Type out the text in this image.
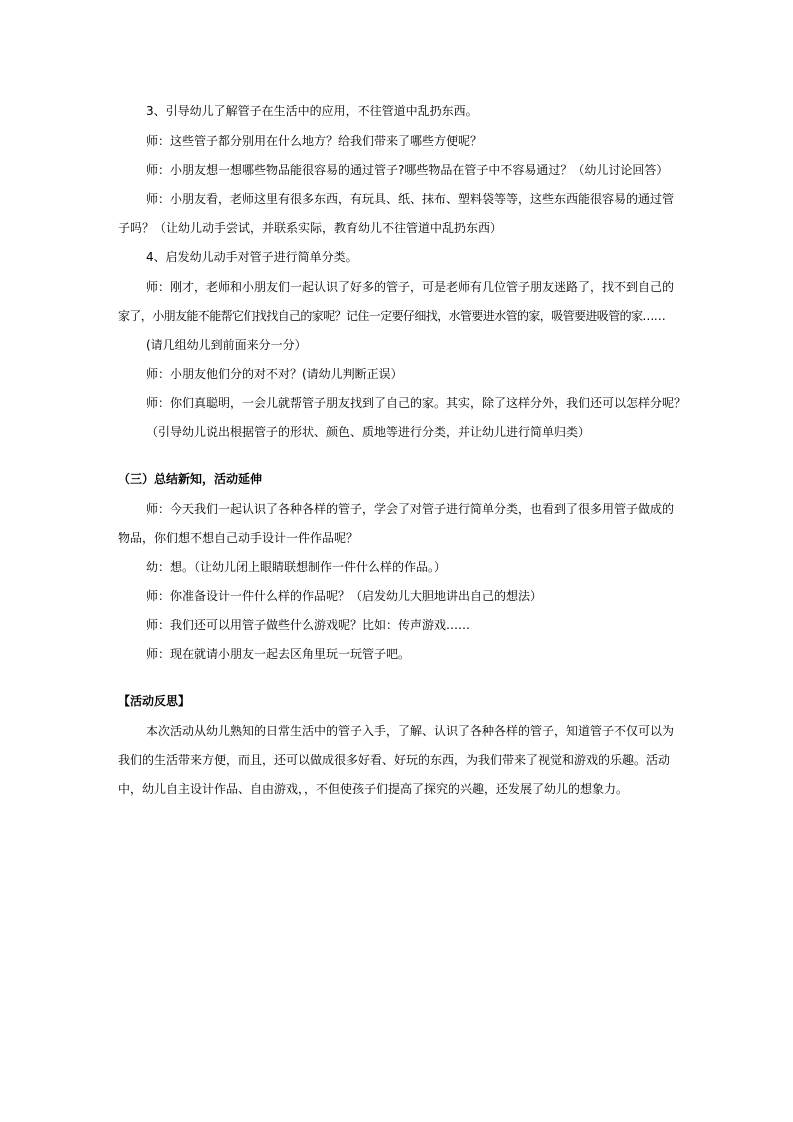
3、引导幼儿了解管子在生活中的应用，不往管道中乱扔东西。
师：这些管子都分别用在什么地方？给我们带来了哪些方便呢？
师：小朋友想一想哪些物品能很容易的通过管子?哪些物品在管子中不容易通过？（幼儿讨论回答）
师：小朋友看，老师这里有很多东西，有玩具、纸、抹布、塑料袋等等，这些东西能很容易的通过管
子吗？（让幼儿动手尝试，并联系实际，教育幼儿不往管道中乱扔东西）
4、启发幼儿动手对管子进行简单分类。
师：刚才，老师和小朋友们一起认识了好多的管子，可是老师有几位管子朋友迷路了，找不到自己的
家了，小朋友能不能帮它们找找自己的家呢？记住一定要仔细找，水管要进水管的家，吸管要进吸管的家……
(请几组幼儿到前面来分一分）
师：小朋友他们分的对不对？(请幼儿判断正误）
师：你们真聪明，一会儿就帮管子朋友找到了自己的家。其实，除了这样分外，我们还可以怎样分呢？
（引导幼儿说出根据管子的形状、颜色、质地等进行分类，并让幼儿进行简单归类）
（三）总结新知，活动延伸
师：今天我们一起认识了各种各样的管子，学会了对管子进行简单分类，也看到了很多用管子做成的
物品，你们想不想自己动手设计一件作品呢？
幼：想。（让幼儿闭上眼睛联想制作一件什么样的作品。）
师：你准备设计一件什么样的作品呢？（启发幼儿大胆地讲出自己的想法）
师：我们还可以用管子做些什么游戏呢？比如：传声游戏……
师：现在就请小朋友一起去区角里玩一玩管子吧。
【活动反思】
本次活动从幼儿熟知的日常生活中的管子入手，了解、认识了各种各样的管子，知道管子不仅可以为
我们的生活带来方便，而且，还可以做成很多好看、好玩的东西，为我们带来了视觉和游戏的乐趣。活动
中，幼儿自主设计作品、自由游戏，，不但使孩子们提高了探究的兴趣，还发展了幼儿的想象力。
